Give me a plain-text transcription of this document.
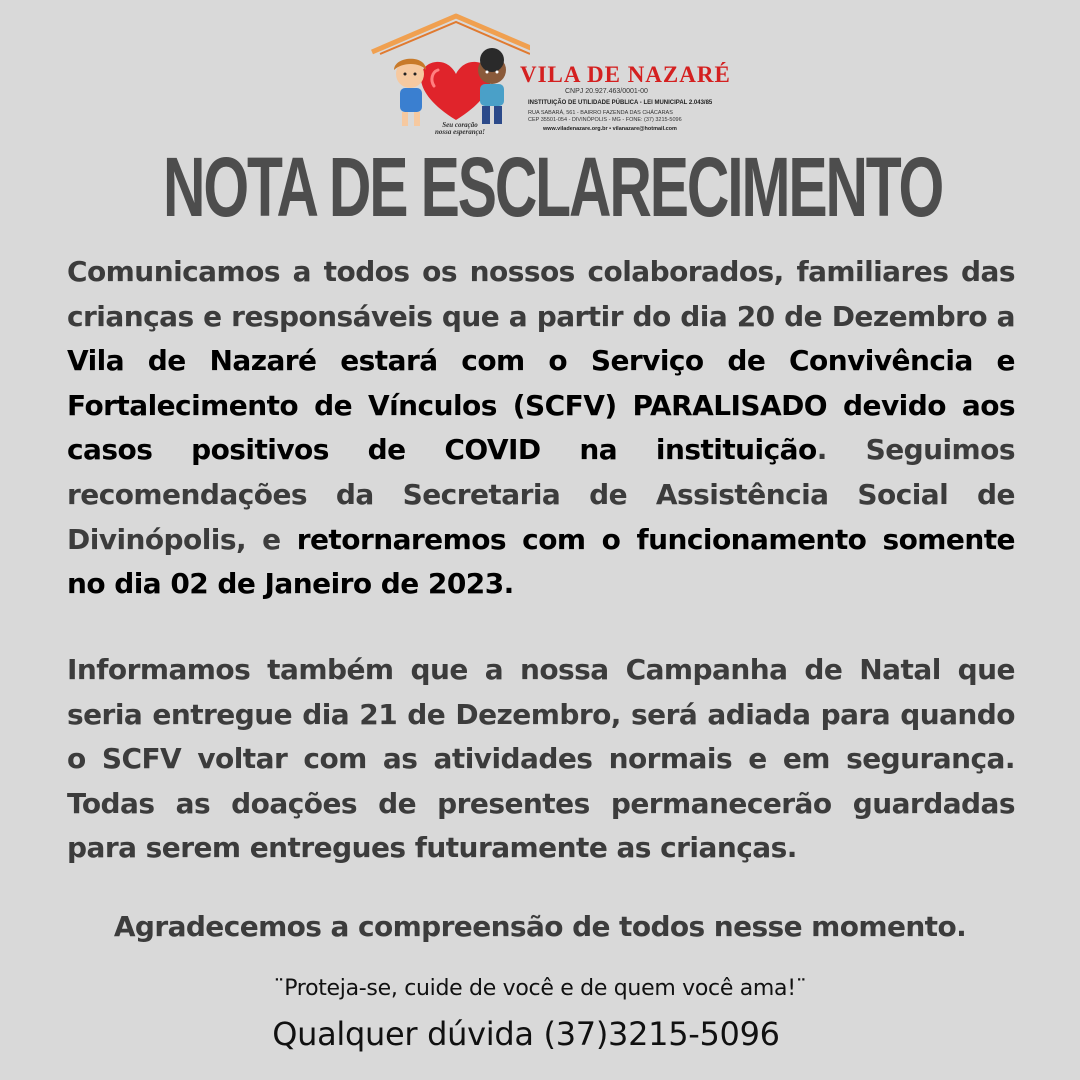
VILA DE NAZARÉ
CNPJ 20.927.463/0001-00
INSTITUIÇÃO DE UTILIDADE PÚBLICA - LEI MUNICIPAL 2.043/85
RUA SABARÁ, 561 - BAIRRO FAZENDA DAS CHÁCARAS
CEP 35501-054 - DIVINÓPOLIS - MG - FONE: (37) 3215-5096
www.viladenazare.org.br • vilanazare@hotmail.com
Seu coração
nossa esperança!
NOTA DE ESCLARECIMENTO
Comunicamos a todos os nossos colaborados, familiares das crianças e responsáveis que a partir do dia 20 de Dezembro a Vila de Nazaré estará com o Serviço de Convivência e Fortalecimento de Vínculos (SCFV) PARALISADO devido aos casos positivos de COVID na instituição. Seguimos recomendações da Secretaria de Assistência Social de Divinópolis, e retornaremos com o funcionamento somente no dia 02 de Janeiro de 2023.
Informamos também que a nossa Campanha de Natal que seria entregue dia 21 de Dezembro, será adiada para quando o SCFV voltar com as atividades normais e em segurança. Todas as doações de presentes permanecerão guardadas para serem entregues futuramente as crianças.
Agradecemos a compreensão de todos nesse momento.
¨Proteja-se, cuide de você e de quem você ama!¨
Qualquer dúvida (37)3215-5096
